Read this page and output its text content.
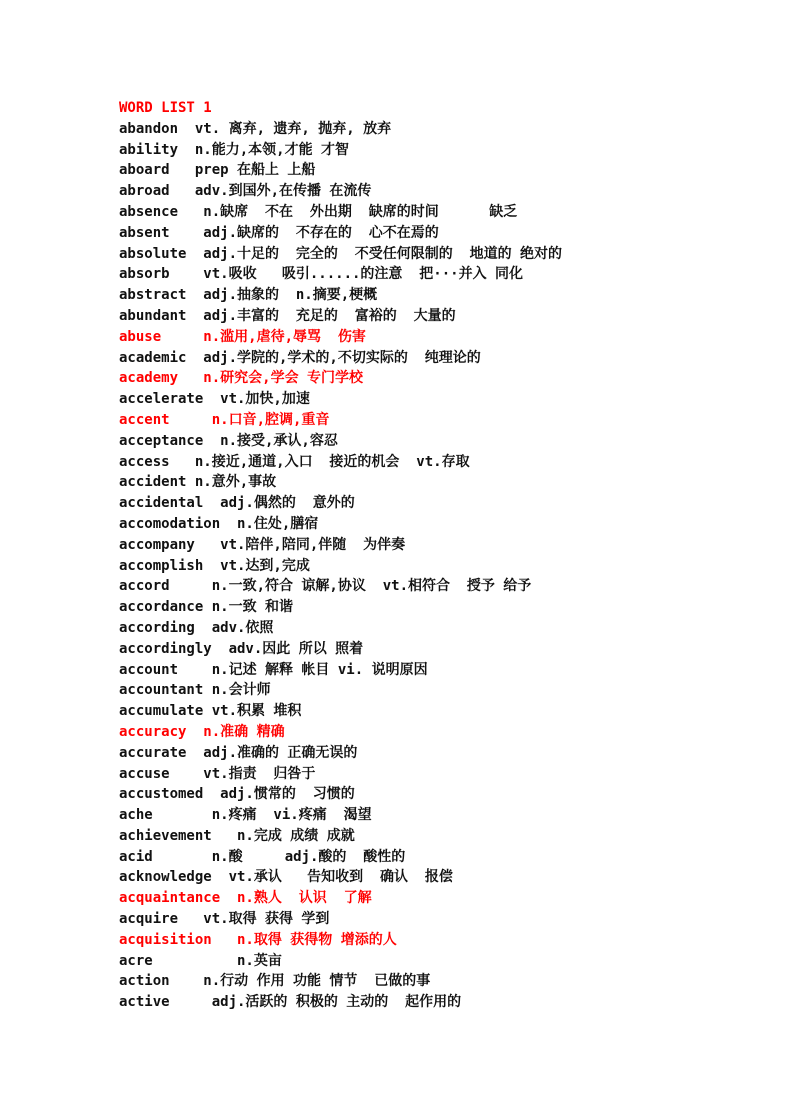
WORD LIST 1
abandon  vt. 离弃, 遗弃, 抛弃, 放弃
ability  n.能力,本领,才能 才智
aboard   prep 在船上 上船
abroad   adv.到国外,在传播 在流传
absence   n.缺席  不在  外出期  缺席的时间      缺乏
absent    adj.缺席的  不存在的  心不在焉的
absolute  adj.十足的  完全的  不受任何限制的  地道的 绝对的
absorb    vt.吸收   吸引......的注意  把···并入 同化
abstract  adj.抽象的  n.摘要,梗概
abundant  adj.丰富的  充足的  富裕的  大量的
abuse     n.滥用,虐待,辱骂  伤害
academic  adj.学院的,学术的,不切实际的  纯理论的
academy   n.研究会,学会 专门学校
accelerate  vt.加快,加速
accent     n.口音,腔调,重音
acceptance  n.接受,承认,容忍
access   n.接近,通道,入口  接近的机会  vt.存取
accident n.意外,事故
accidental  adj.偶然的  意外的
accomodation  n.住处,膳宿
accompany   vt.陪伴,陪同,伴随  为伴奏
accomplish  vt.达到,完成
accord     n.一致,符合 谅解,协议  vt.相符合  授予 给予
accordance n.一致 和谐
according  adv.依照
accordingly  adv.因此 所以 照着
account    n.记述 解释 帐目 vi. 说明原因
accountant n.会计师
accumulate vt.积累 堆积
accuracy  n.准确 精确
accurate  adj.准确的 正确无误的
accuse    vt.指责  归咎于
accustomed  adj.惯常的  习惯的
ache       n.疼痛  vi.疼痛  渴望
achievement   n.完成 成绩 成就
acid       n.酸     adj.酸的  酸性的
acknowledge  vt.承认   告知收到  确认  报偿
acquaintance  n.熟人  认识  了解
acquire   vt.取得 获得 学到
acquisition   n.取得 获得物 增添的人
acre          n.英亩
action    n.行动 作用 功能 情节  已做的事
active     adj.活跃的 积极的 主动的  起作用的
